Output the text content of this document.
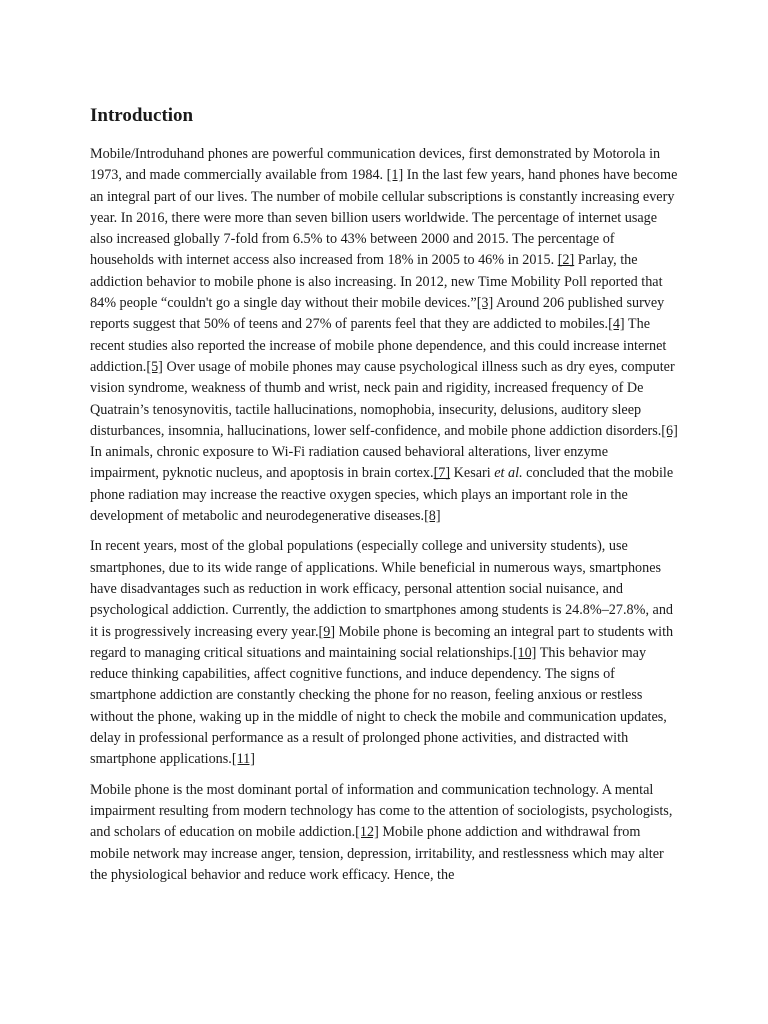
Introduction

Mobile/Introduhand phones are powerful communication devices, first demonstrated by Motorola in 1973, and made commercially available from 1984. [1] In the last few years, hand phones have become an integral part of our lives. The number of mobile cellular subscriptions is constantly increasing every year. In 2016, there were more than seven billion users worldwide. The percentage of internet usage also increased globally 7-fold from 6.5% to 43% between 2000 and 2015. The percentage of households with internet access also increased from 18% in 2005 to 46% in 2015. [2] Parlay, the addiction behavior to mobile phone is also increasing. In 2012, new Time Mobility Poll reported that 84% people “couldn't go a single day without their mobile devices.”[3] Around 206 published survey reports suggest that 50% of teens and 27% of parents feel that they are addicted to mobiles.[4] The recent studies also reported the increase of mobile phone dependence, and this could increase internet addiction.[5] Over usage of mobile phones may cause psychological illness such as dry eyes, computer vision syndrome, weakness of thumb and wrist, neck pain and rigidity, increased frequency of De Quatrain’s tenosynovitis, tactile hallucinations, nomophobia, insecurity, delusions, auditory sleep disturbances, insomnia, hallucinations, lower self-confidence, and mobile phone addiction disorders.[6] In animals, chronic exposure to Wi-Fi radiation caused behavioral alterations, liver enzyme impairment, pyknotic nucleus, and apoptosis in brain cortex.[7] Kesari et al. concluded that the mobile phone radiation may increase the reactive oxygen species, which plays an important role in the development of metabolic and neurodegenerative diseases.[8]

In recent years, most of the global populations (especially college and university students), use smartphones, due to its wide range of applications. While beneficial in numerous ways, smartphones have disadvantages such as reduction in work efficacy, personal attention social nuisance, and psychological addiction. Currently, the addiction to smartphones among students is 24.8%–27.8%, and it is progressively increasing every year.[9] Mobile phone is becoming an integral part to students with regard to managing critical situations and maintaining social relationships.[10] This behavior may reduce thinking capabilities, affect cognitive functions, and induce dependency. The signs of smartphone addiction are constantly checking the phone for no reason, feeling anxious or restless without the phone, waking up in the middle of night to check the mobile and communication updates, delay in professional performance as a result of prolonged phone activities, and distracted with smartphone applications.[11]

Mobile phone is the most dominant portal of information and communication technology. A mental impairment resulting from modern technology has come to the attention of sociologists, psychologists, and scholars of education on mobile addiction.[12] Mobile phone addiction and withdrawal from mobile network may increase anger, tension, depression, irritability, and restlessness which may alter the physiological behavior and reduce work efficacy. Hence, the
